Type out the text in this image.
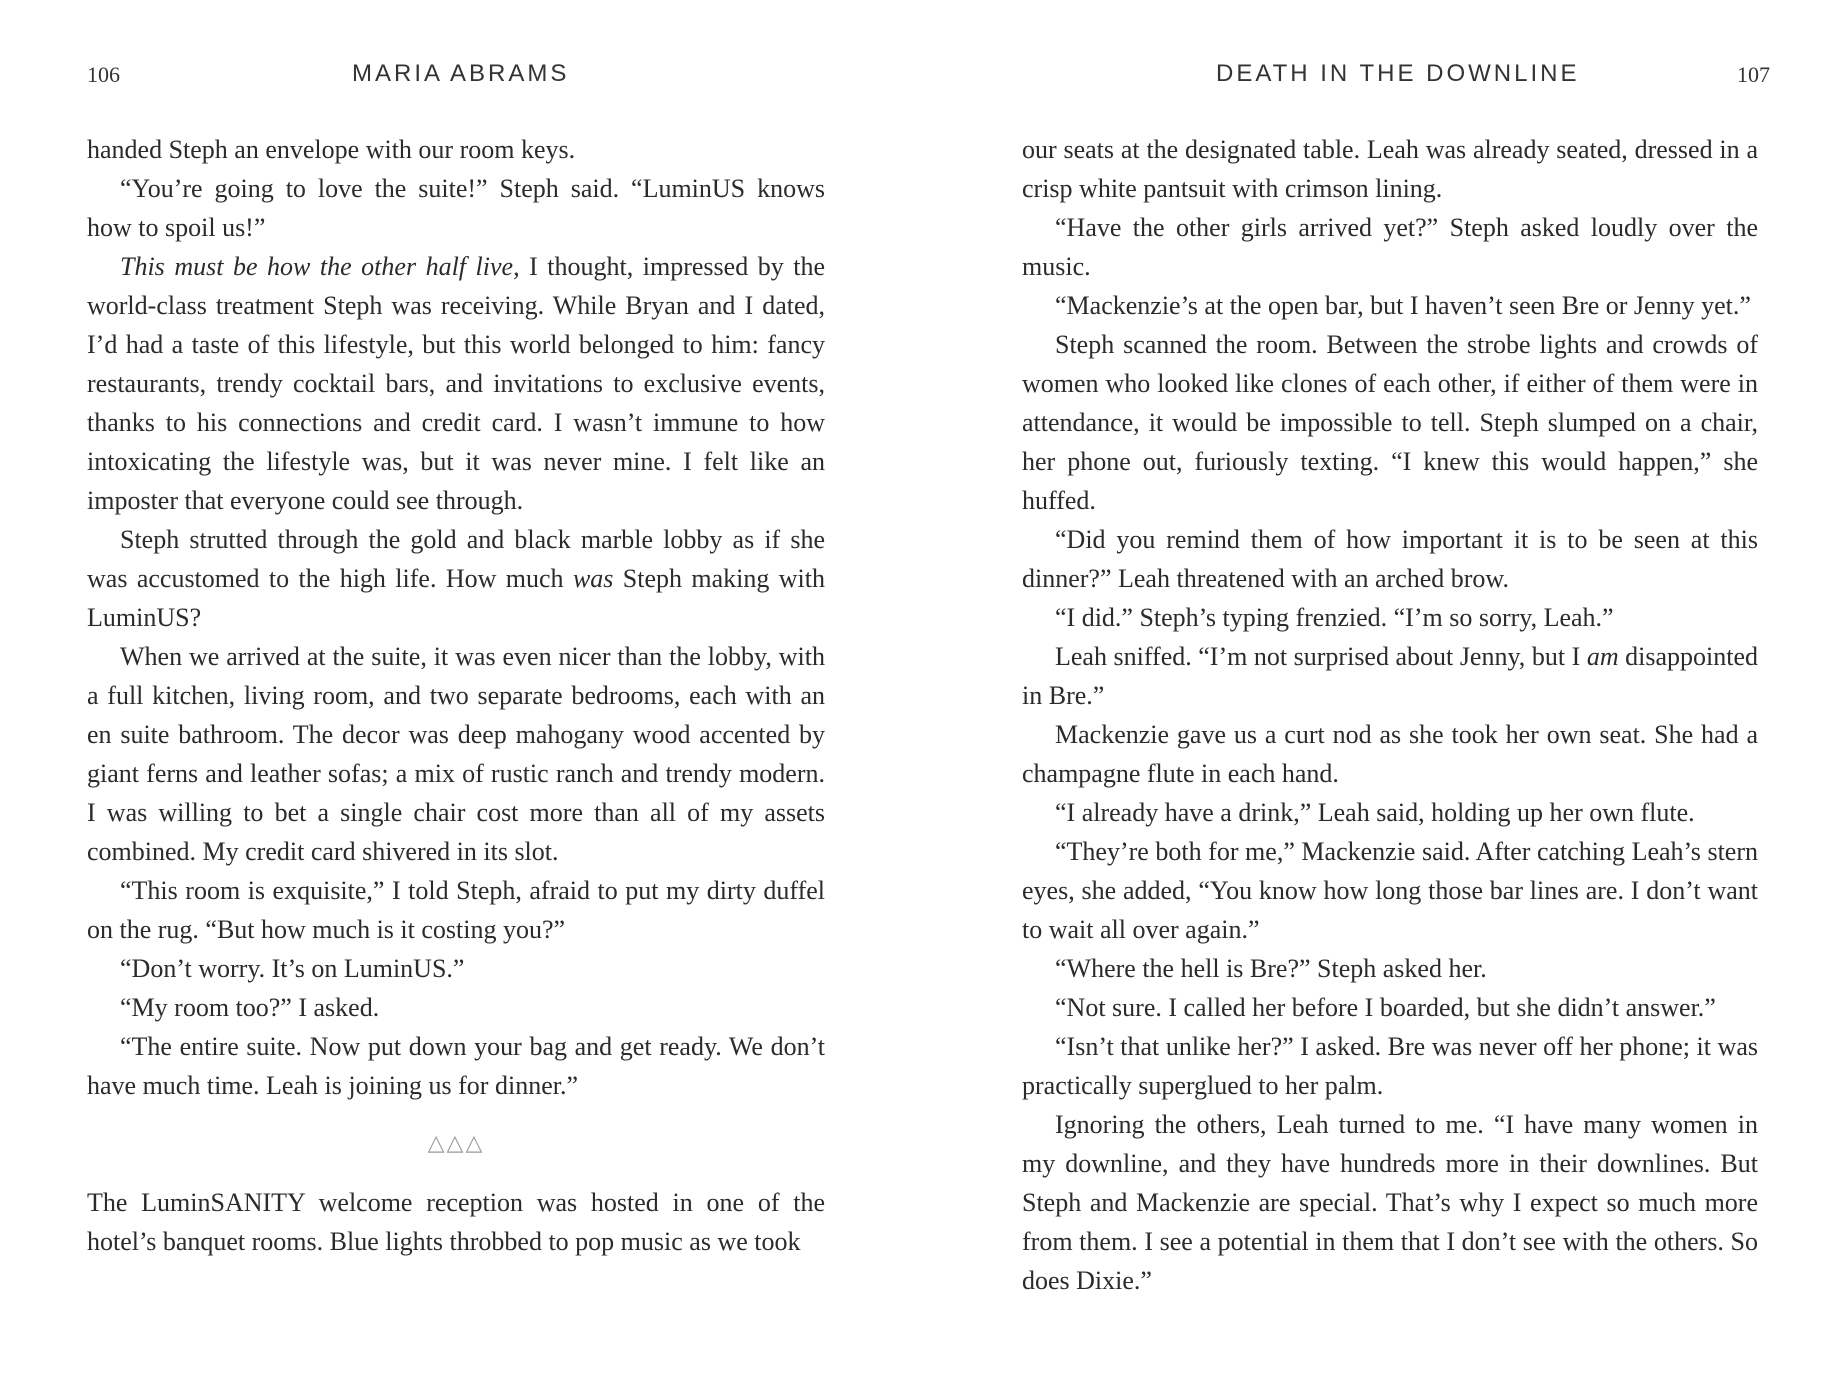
106	MARIA ABRAMS

handed Steph an envelope with our room keys.

“You’re going to love the suite!” Steph said. “LuminUS knows how to spoil us!”

This must be how the other half live, I thought, impressed by the world-class treatment Steph was receiving. While Bryan and I dated, I’d had a taste of this lifestyle, but this world belonged to him: fancy restaurants, trendy cocktail bars, and invitations to exclusive events, thanks to his connections and credit card. I wasn’t immune to how intoxicating the lifestyle was, but it was never mine. I felt like an imposter that everyone could see through.

Steph strutted through the gold and black marble lobby as if she was accustomed to the high life. How much was Steph making with LuminUS?

When we arrived at the suite, it was even nicer than the lobby, with a full kitchen, living room, and two separate bedrooms, each with an en suite bathroom. The decor was deep mahogany wood accented by giant ferns and leather sofas; a mix of rustic ranch and trendy modern. I was willing to bet a single chair cost more than all of my assets combined. My credit card shivered in its slot.

“This room is exquisite,” I told Steph, afraid to put my dirty duffel on the rug. “But how much is it costing you?”

“Don’t worry. It’s on LuminUS.”

“My room too?” I asked.

“The entire suite. Now put down your bag and get ready. We don’t have much time. Leah is joining us for dinner.”

△△△

The LuminSANITY welcome reception was hosted in one of the hotel’s banquet rooms. Blue lights throbbed to pop music as we took

DEATH IN THE DOWNLINE	107

our seats at the designated table. Leah was already seated, dressed in a crisp white pantsuit with crimson lining.

“Have the other girls arrived yet?” Steph asked loudly over the music.

“Mackenzie’s at the open bar, but I haven’t seen Bre or Jenny yet.”

Steph scanned the room. Between the strobe lights and crowds of women who looked like clones of each other, if either of them were in attendance, it would be impossible to tell. Steph slumped on a chair, her phone out, furiously texting. “I knew this would happen,” she huffed.

“Did you remind them of how important it is to be seen at this dinner?” Leah threatened with an arched brow.

“I did.” Steph’s typing frenzied. “I’m so sorry, Leah.”

Leah sniffed. “I’m not surprised about Jenny, but I am disappointed in Bre.”

Mackenzie gave us a curt nod as she took her own seat. She had a champagne flute in each hand.

“I already have a drink,” Leah said, holding up her own flute.

“They’re both for me,” Mackenzie said. After catching Leah’s stern eyes, she added, “You know how long those bar lines are. I don’t want to wait all over again.”

“Where the hell is Bre?” Steph asked her.

“Not sure. I called her before I boarded, but she didn’t answer.”

“Isn’t that unlike her?” I asked. Bre was never off her phone; it was practically superglued to her palm.

Ignoring the others, Leah turned to me. “I have many women in my downline, and they have hundreds more in their downlines. But Steph and Mackenzie are special. That’s why I expect so much more from them. I see a potential in them that I don’t see with the others. So does Dixie.”
